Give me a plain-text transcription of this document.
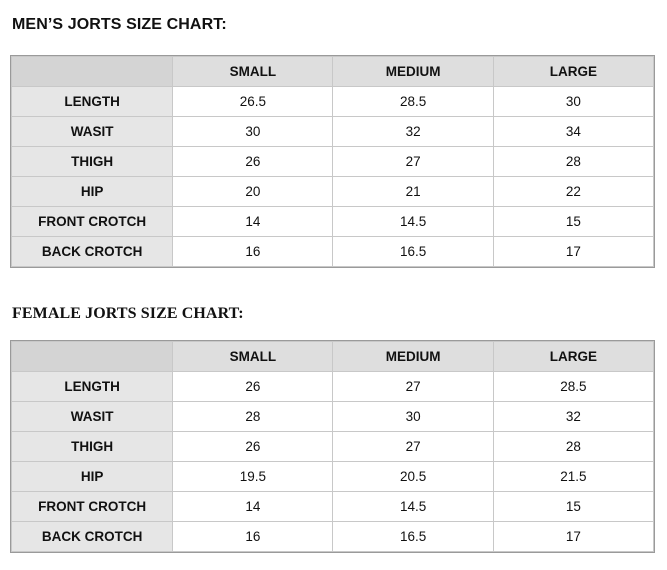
MEN’S JORTS SIZE CHART:
	SMALL	MEDIUM	LARGE
LENGTH	26.5	28.5	30
WASIT	30	32	34
THIGH	26	27	28
HIP	20	21	22
FRONT CROTCH	14	14.5	15
BACK CROTCH	16	16.5	17
FEMALE JORTS SIZE CHART:
	SMALL	MEDIUM	LARGE
LENGTH	26	27	28.5
WASIT	28	30	32
THIGH	26	27	28
HIP	19.5	20.5	21.5
FRONT CROTCH	14	14.5	15
BACK CROTCH	16	16.5	17
